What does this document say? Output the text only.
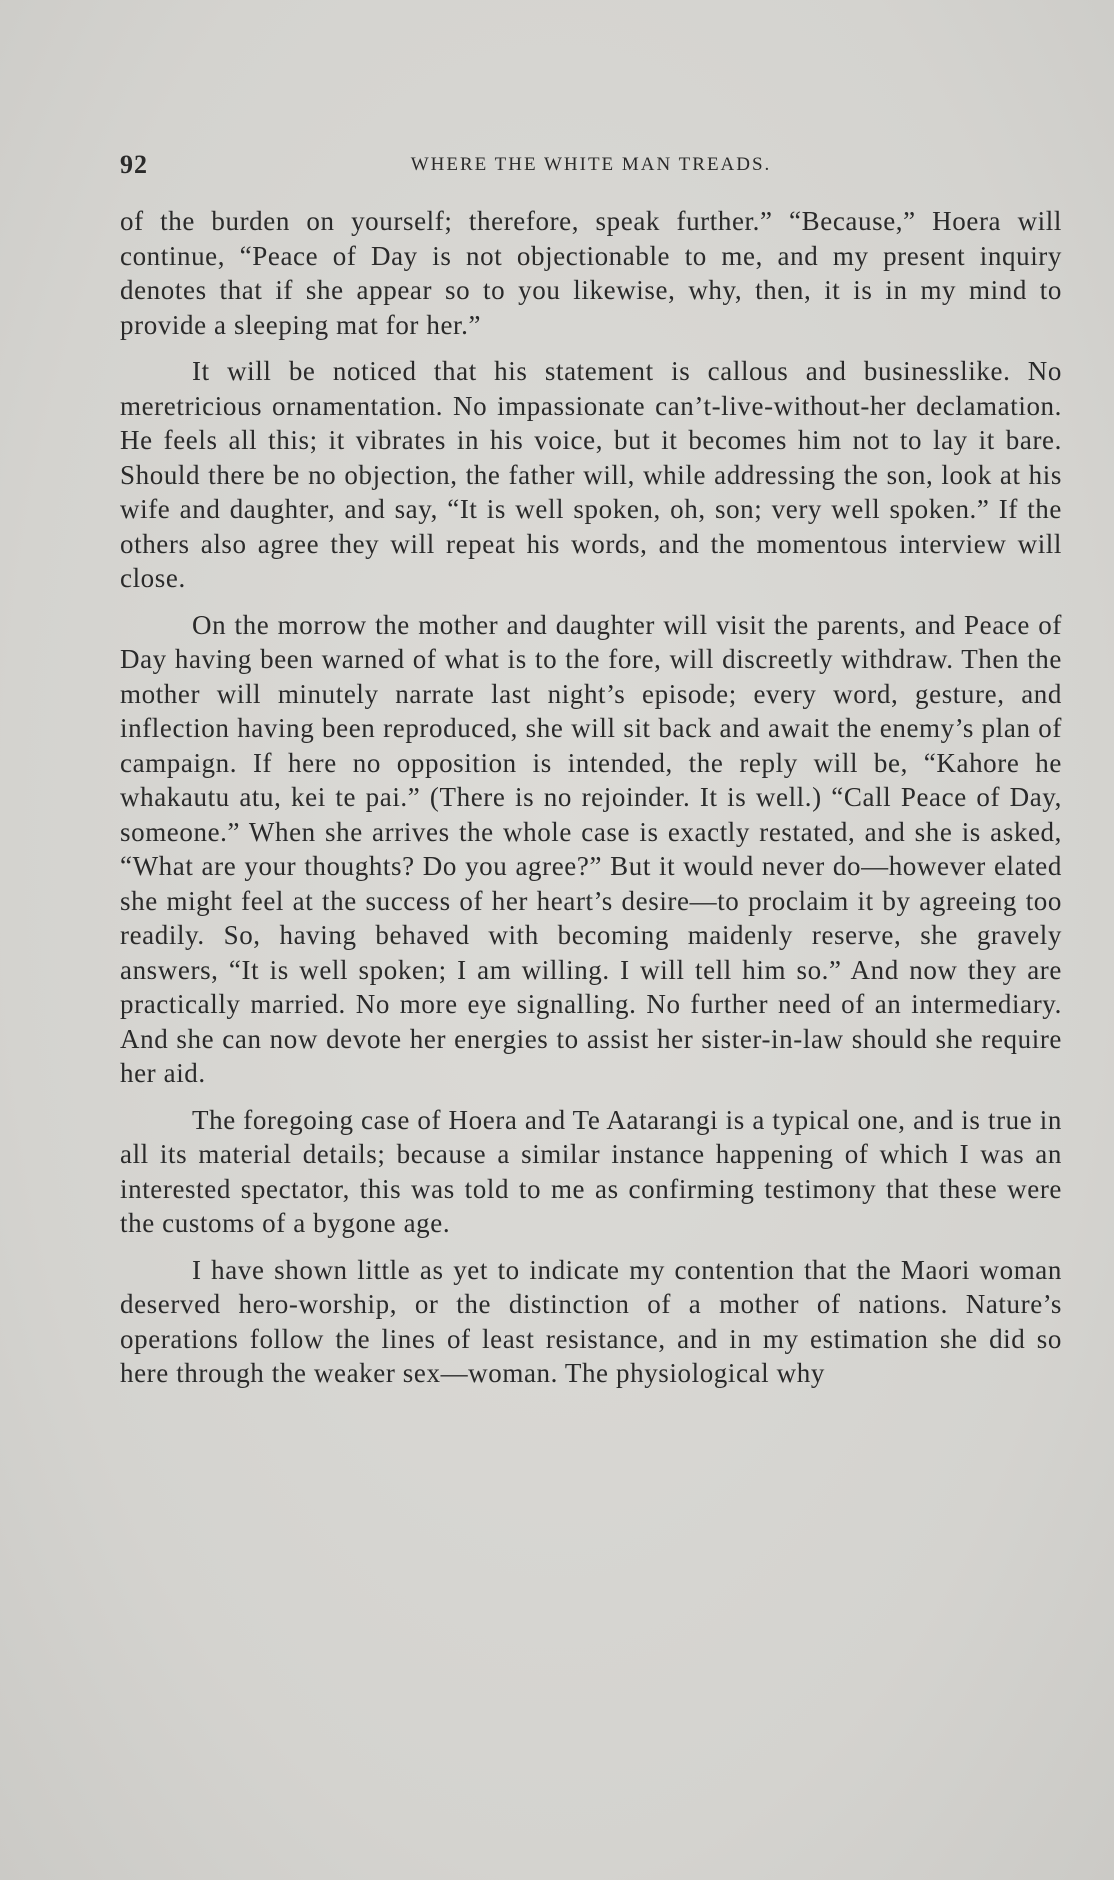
92	WHERE THE WHITE MAN TREADS.

of the burden on yourself; therefore, speak further.” “Because,” Hoera will continue, “Peace of Day is not objectionable to me, and my present inquiry denotes that if she appear so to you likewise, why, then, it is in my mind to provide a sleeping mat for her.”

It will be noticed that his statement is callous and businesslike. No meretricious ornamentation. No impassionate can’t-live-without-her declamation. He feels all this; it vibrates in his voice, but it becomes him not to lay it bare. Should there be no objection, the father will, while addressing the son, look at his wife and daughter, and say, “It is well spoken, oh, son; very well spoken.” If the others also agree they will repeat his words, and the momentous interview will close.

On the morrow the mother and daughter will visit the parents, and Peace of Day having been warned of what is to the fore, will discreetly withdraw. Then the mother will minutely narrate last night’s episode; every word, gesture, and inflection having been reproduced, she will sit back and await the enemy’s plan of campaign. If here no opposition is intended, the reply will be, “Kahore he whakautu atu, kei te pai.” (There is no rejoinder. It is well.) “Call Peace of Day, someone.” When she arrives the whole case is exactly restated, and she is asked, “What are your thoughts? Do you agree?” But it would never do—however elated she might feel at the success of her heart’s desire—to proclaim it by agreeing too readily. So, having behaved with becoming maidenly reserve, she gravely answers, “It is well spoken; I am willing. I will tell him so.” And now they are practically married. No more eye signalling. No further need of an intermediary. And she can now devote her energies to assist her sister-in-law should she require her aid.

The foregoing case of Hoera and Te Aatarangi is a typical one, and is true in all its material details; because a similar instance happening of which I was an interested spectator, this was told to me as confirming testimony that these were the customs of a bygone age.

I have shown little as yet to indicate my contention that the Maori woman deserved hero-worship, or the distinction of a mother of nations. Nature’s operations follow the lines of least resistance, and in my estimation she did so here through the weaker sex—woman. The physiological why
